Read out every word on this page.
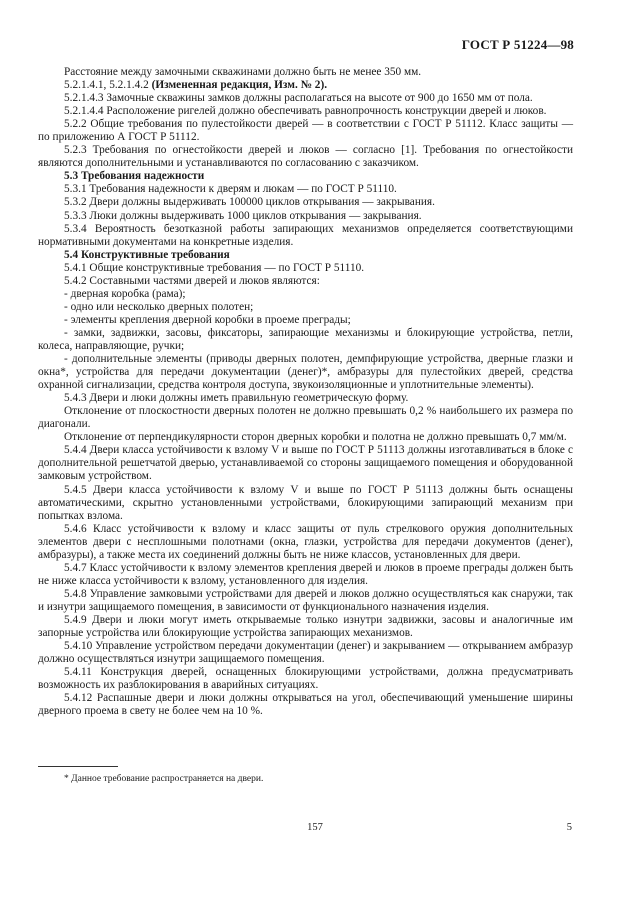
ГОСТ Р 51224—98

Расстояние между замочными скважинами должно быть не менее 350 мм.

5.2.1.4.1, 5.2.1.4.2 (Измененная редакция, Изм. № 2).

5.2.1.4.3 Замочные скважины замков должны располагаться на высоте от 900 до 1650 мм от пола.

5.2.1.4.4 Расположение ригелей должно обеспечивать равнопрочность конструкции дверей и люков.

5.2.2 Общие требования по пулестойкости дверей — в соответствии с ГОСТ Р 51112. Класс защиты — по приложению А ГОСТ Р 51112.

5.2.3 Требования по огнестойкости дверей и люков — согласно [1]. Требования по огнестойкости являются дополнительными и устанавливаются по согласованию с заказчиком.

5.3 Требования надежности

5.3.1 Требования надежности к дверям и люкам — по ГОСТ Р 51110.

5.3.2 Двери должны выдерживать 100000 циклов открывания — закрывания.

5.3.3 Люки должны выдерживать 1000 циклов открывания — закрывания.

5.3.4 Вероятность безотказной работы запирающих механизмов определяется соответствующими нормативными документами на конкретные изделия.

5.4 Конструктивные требования

5.4.1 Общие конструктивные требования — по ГОСТ Р 51110.

5.4.2 Составными частями дверей и люков являются:

- дверная коробка (рама);

- одно или несколько дверных полотен;

- элементы крепления дверной коробки в проеме преграды;

- замки, задвижки, засовы, фиксаторы, запирающие механизмы и блокирующие устройства, петли, колеса, направляющие, ручки;

- дополнительные элементы (приводы дверных полотен, демпфирующие устройства, дверные глазки и окна*, устройства для передачи документации (денег)*, амбразуры для пулестойких дверей, средства охранной сигнализации, средства контроля доступа, звукоизоляционные и уплотнительные элементы).

5.4.3 Двери и люки должны иметь правильную геометрическую форму.

Отклонение от плоскостности дверных полотен не должно превышать 0,2 % наибольшего их размера по диагонали.

Отклонение от перпендикулярности сторон дверных коробки и полотна не должно превышать 0,7 мм/м.

5.4.4 Двери класса устойчивости к взлому V и выше по ГОСТ Р 51113 должны изготавливаться в блоке с дополнительной решетчатой дверью, устанавливаемой со стороны защищаемого помещения и оборудованной замковым устройством.

5.4.5 Двери класса устойчивости к взлому V и выше по ГОСТ Р 51113 должны быть оснащены автоматическими, скрытно установленными устройствами, блокирующими запирающий механизм при попытках взлома.

5.4.6 Класс устойчивости к взлому и класс защиты от пуль стрелкового оружия дополнительных элементов двери с несплошными полотнами (окна, глазки, устройства для передачи документов (денег), амбразуры), а также места их соединений должны быть не ниже классов, установленных для двери.

5.4.7 Класс устойчивости к взлому элементов крепления дверей и люков в проеме преграды должен быть не ниже класса устойчивости к взлому, установленного для изделия.

5.4.8 Управление замковыми устройствами для дверей и люков должно осуществляться как снаружи, так и изнутри защищаемого помещения, в зависимости от функционального назначения изделия.

5.4.9 Двери и люки могут иметь открываемые только изнутри задвижки, засовы и аналогичные им запорные устройства или блокирующие устройства запирающих механизмов.

5.4.10 Управление устройством передачи документации (денег) и закрыванием — открыванием амбразур должно осуществляться изнутри защищаемого помещения.

5.4.11 Конструкция дверей, оснащенных блокирующими устройствами, должна предусматривать возможность их разблокирования в аварийных ситуациях.

5.4.12 Распашные двери и люки должны открываться на угол, обеспечивающий уменьшение ширины дверного проема в свету не более чем на 10 %.

* Данное требование распространяется на двери.
157	5
